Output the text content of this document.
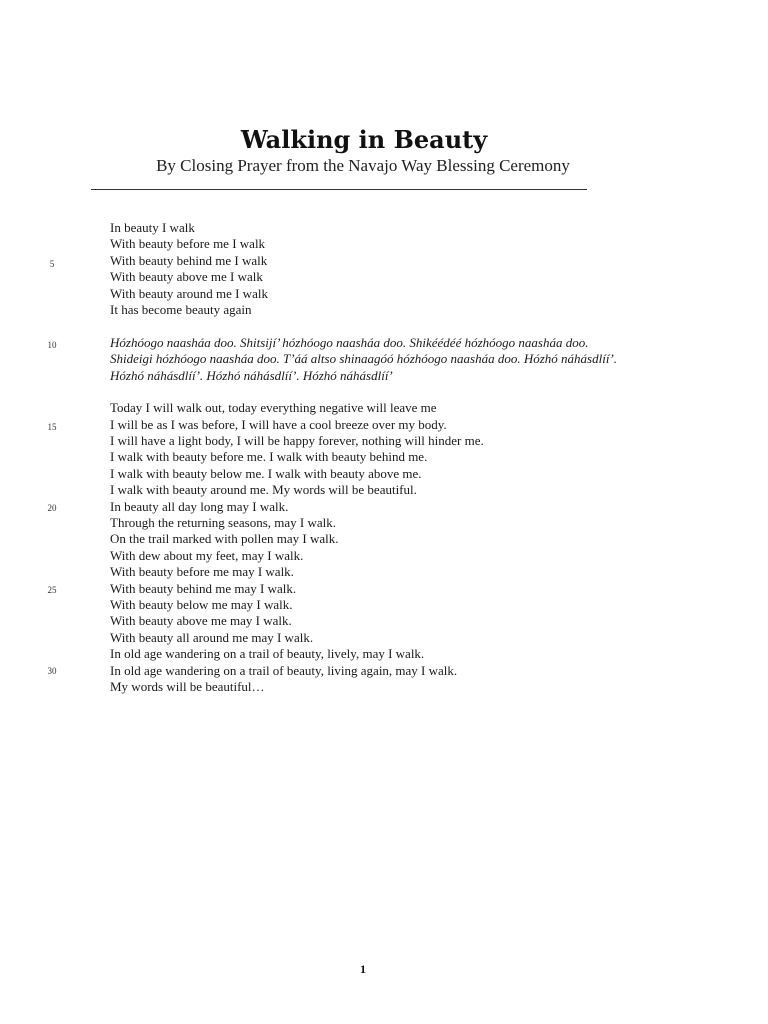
Walking in Beauty
By Closing Prayer from the Navajo Way Blessing Ceremony
5
10
15
20
25
30
In beauty I walk
With beauty before me I walk
With beauty behind me I walk
With beauty above me I walk
With beauty around me I walk
It has become beauty again
Hózhóogo naasháa doo. Shitsijí’ hózhóogo naasháa doo. Shikéédéé hózhóogo naasháa doo.
Shideigi hózhóogo naasháa doo. T’áá altso shinaagóó hózhóogo naasháa doo. Hózhó náhásdlíí’.
Hózhó náhásdlíí’. Hózhó náhásdlíí’. Hózhó náhásdlíí’
Today I will walk out, today everything negative will leave me
I will be as I was before, I will have a cool breeze over my body.
I will have a light body, I will be happy forever, nothing will hinder me.
I walk with beauty before me. I walk with beauty behind me.
I walk with beauty below me. I walk with beauty above me.
I walk with beauty around me. My words will be beautiful.
In beauty all day long may I walk.
Through the returning seasons, may I walk.
On the trail marked with pollen may I walk.
With dew about my feet, may I walk.
With beauty before me may I walk.
With beauty behind me may I walk.
With beauty below me may I walk.
With beauty above me may I walk.
With beauty all around me may I walk.
In old age wandering on a trail of beauty, lively, may I walk.
In old age wandering on a trail of beauty, living again, may I walk.
My words will be beautiful…
1
